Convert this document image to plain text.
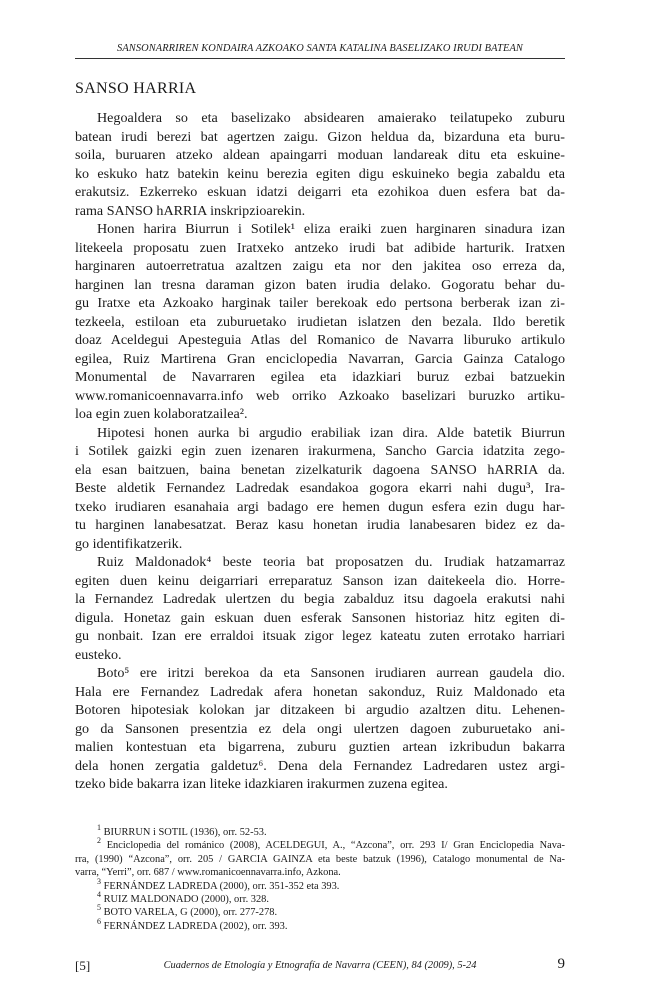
SANSONARRIREN KONDAIRA AZKOAKO SANTA KATALINA BASELIZAKO IRUDI BATEAN
SANSO HARRIA

Hegoaldera so eta baselizako absidearen amaierako teilatupeko zuburu
batean irudi berezi bat agertzen zaigu. Gizon heldua da, bizarduna eta buru-
soila, buruaren atzeko aldean apaingarri moduan landareak ditu eta eskuine-
ko eskuko hatz batekin keinu berezia egiten digu eskuineko begia zabaldu eta
erakutsiz. Ezkerreko eskuan idatzi deigarri eta ezohikoa duen esfera bat da-
rama SANSO hARRIA inskripzioarekin.

Honen harira Biurrun i Sotilek¹ eliza eraiki zuen harginaren sinadura izan
litekeela proposatu zuen Iratxeko antzeko irudi bat adibide harturik. Iratxen
harginaren autoerretratua azaltzen zaigu eta nor den jakitea oso erreza da,
harginen lan tresna daraman gizon baten irudia delako. Gogoratu behar du-
gu Iratxe eta Azkoako harginak tailer berekoak edo pertsona berberak izan zi-
tezkeela, estiloan eta zuburuetako irudietan islatzen den bezala. Ildo beretik
doaz Aceldegui Apesteguia Atlas del Romanico de Navarra liburuko artikulo
egilea, Ruiz Martirena Gran enciclopedia Navarran, Garcia Gainza Catalogo
Monumental de Navarraren egilea eta idazkiari buruz ezbai batzuekin
www.romanicoennavarra.info web orriko Azkoako baselizari buruzko artiku-
loa egin zuen kolaboratzailea².

Hipotesi honen aurka bi argudio erabiliak izan dira. Alde batetik Biurrun
i Sotilek gaizki egin zuen izenaren irakurmena, Sancho Garcia idatzita zego-
ela esan baitzuen, baina benetan zizelkaturik dagoena SANSO hARRIA da.
Beste aldetik Fernandez Ladredak esandakoa gogora ekarri nahi dugu³, Ira-
txeko irudiaren esanahaia argi badago ere hemen dugun esfera ezin dugu har-
tu harginen lanabesatzat. Beraz kasu honetan irudia lanabesaren bidez ez da-
go identifikatzerik.

Ruiz Maldonadok⁴ beste teoria bat proposatzen du. Irudiak hatzamarraz
egiten duen keinu deigarriari erreparatuz Sanson izan daitekeela dio. Horre-
la Fernandez Ladredak ulertzen du begia zabalduz itsu dagoela erakutsi nahi
digula. Honetaz gain eskuan duen esferak Sansonen historiaz hitz egiten di-
gu nonbait. Izan ere erraldoi itsuak zigor legez kateatu zuten errotako harriari
eusteko.

Boto⁵ ere iritzi berekoa da eta Sansonen irudiaren aurrean gaudela dio.
Hala ere Fernandez Ladredak afera honetan sakonduz, Ruiz Maldonado eta
Botoren hipotesiak kolokan jar ditzakeen bi argudio azaltzen ditu. Lehenen-
go da Sansonen presentzia ez dela ongi ulertzen dagoen zuburuetako ani-
malien kontestuan eta bigarrena, zuburu guztien artean izkribudun bakarra
dela honen zergatia galdetuz⁶. Dena dela Fernandez Ladredaren ustez argi-
tzeko bide bakarra izan liteke idazkiaren irakurmen zuzena egitea.

$^1$ BIURRUN i SOTIL (1936), orr. 52-53.
$^2$ Enciclopedia del románico (2008), ACELDEGUI, A., “Azcona”, orr. 293 I/ Gran Enciclopedia Nava-
rra, (1990) “Azcona”, orr. 205 / GARCIA GAINZA eta beste batzuk (1996), Catalogo monumental de Na-
varra, “Yerri”, orr. 687 / www.romanicoennavarra.info, Azkona.
$^3$ FERNÁNDEZ LADREDA (2000), orr. 351-352 eta 393.
$^4$ RUIZ MALDONADO (2000), orr. 328.
$^5$ BOTO VARELA, G (2000), orr. 277-278.
$^6$ FERNÁNDEZ LADREDA (2002), orr. 393.
[5]	Cuadernos de Etnología y Etnografía de Navarra (CEEN), 84 (2009), 5-24	9
